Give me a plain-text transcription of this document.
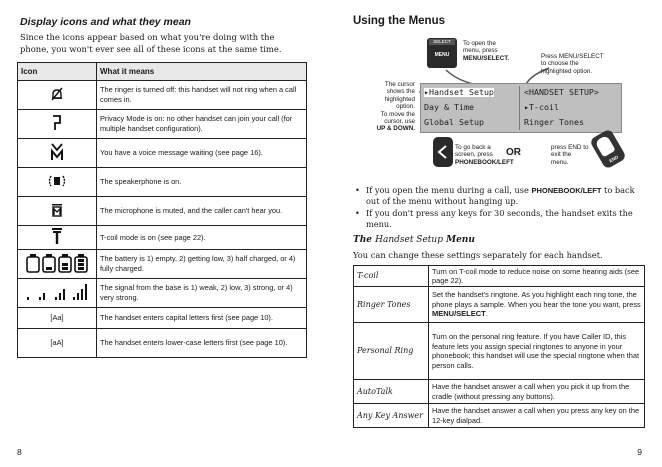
Display icons and what they mean
Since the icons appear based on what you're doing with the phone, you won't ever see all of these icons at the same time.
Icon	What it means
	The ringer is turned off: this handset will not ring when a call comes in.
	Privacy Mode is on: no other handset can join your call (for multiple handset configuration).
	You have a voice message waiting (see page 16).
	The speakerphone is on.
	The microphone is muted, and the caller can't hear you.
	T-coil mode is on (see page 22).
	The battery is 1) empty, 2) getting low, 3) half charged, or 4) fully charged.
	The signal from the base is 1) weak, 2) low, 3) strong, or 4) very strong.
[Aa]	The handset enters capital letters first (see page 10).
[aA]	The handset enters lower-case letters first (see page 10).
8
Using the Menus
SELECT
MENU
To open the
menu, press
MENU/SELECT.	Press MENU/SELECT
to choose the
highlighted option.
The cursor
shows the
highlighted
option.
To move the
cursor, use
UP & DOWN.
▸Handset Setup
Day & Time
Global Setup
<HANDSET SETUP>
▸T-coil
Ringer Tones
To go back a
screen, press
PHONEBOOK/LEFT
OR	press END to
exit the
menu.	END
• If you open the menu during a call, use PHONEBOOK/LEFT to back out of the menu without hanging up.
• If you don't press any keys for 30 seconds, the handset exits the menu.
The Handset Setup Menu
You can change these settings separately for each handset.
T-coil	Turn on T-coil mode to reduce noise on some hearing aids (see page 22).
Ringer Tones	Set the handset's ringtone. As you highlight each ring tone, the phone plays a sample. When you hear the tone you want, press MENU/SELECT.
Personal Ring	Turn on the personal ring feature. If you have Caller ID, this feature lets you assign special ringtones to anyone in your phonebook; this handset will use the special ringtone when that person calls.
AutoTalk	Have the handset answer a call when you pick it up from the cradle (without pressing any buttons).
Any Key Answer	Have the handset answer a call when you press any key on the 12-key dialpad.
9
